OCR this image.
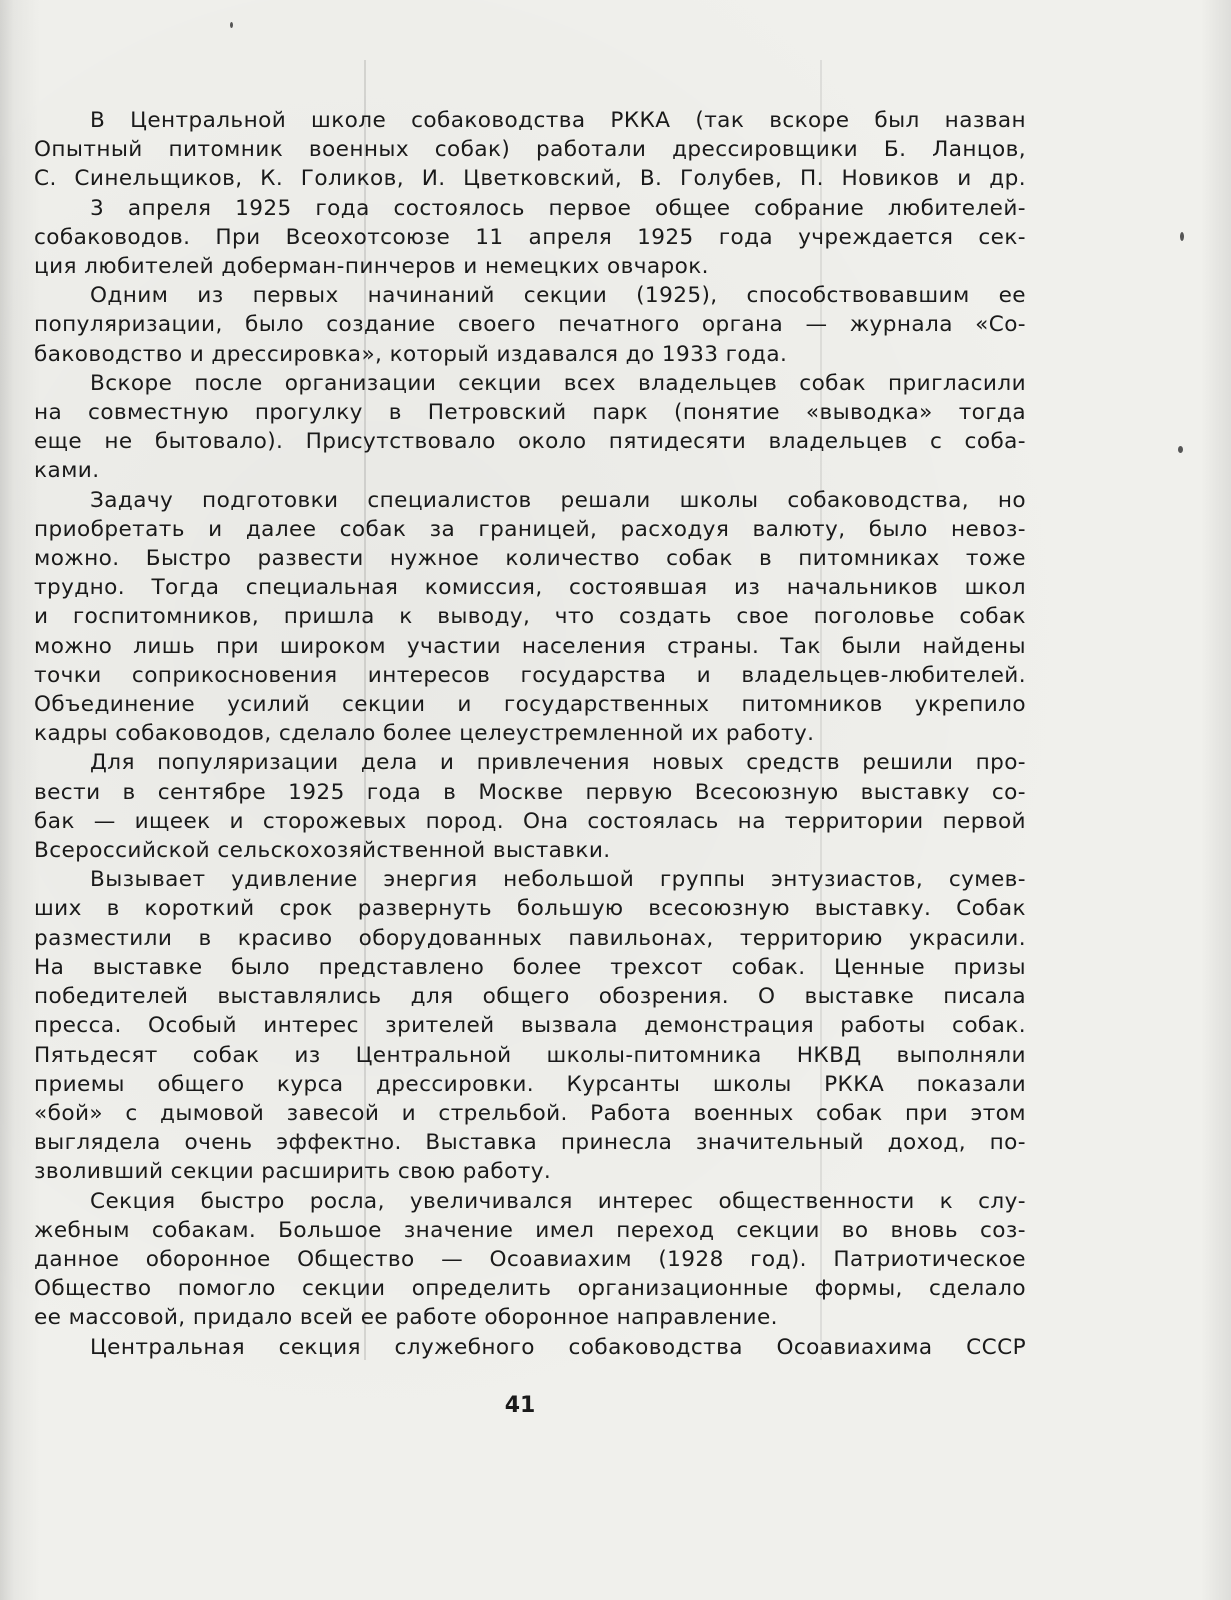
В Центральной школе собаководства РККА (так вскоре был назван
Опытный питомник военных собак) работали дрессировщики Б. Ланцов,
С. Синельщиков, К. Голиков, И. Цветковский, В. Голубев, П. Новиков и др.
3 апреля 1925 года состоялось первое общее собрание любителей-
собаководов. При Всеохотсоюзе 11 апреля 1925 года учреждается сек-
ция любителей доберман-пинчеров и немецких овчарок.
Одним из первых начинаний секции (1925), способствовавшим ее
популяризации, было создание своего печатного органа — журнала «Со-
баководство и дрессировка», который издавался до 1933 года.
Вскоре после организации секции всех владельцев собак пригласили
на совместную прогулку в Петровский парк (понятие «выводка» тогда
еще не бытовало). Присутствовало около пятидесяти владельцев с соба-
ками.
Задачу подготовки специалистов решали школы собаководства, но
приобретать и далее собак за границей, расходуя валюту, было невоз-
можно. Быстро развести нужное количество собак в питомниках тоже
трудно. Тогда специальная комиссия, состоявшая из начальников школ
и госпитомников, пришла к выводу, что создать свое поголовье собак
можно лишь при широком участии населения страны. Так были найдены
точки соприкосновения интересов государства и владельцев-любителей.
Объединение усилий секции и государственных питомников укрепило
кадры собаководов, сделало более целеустремленной их работу.
Для популяризации дела и привлечения новых средств решили про-
вести в сентябре 1925 года в Москве первую Всесоюзную выставку со-
бак — ищеек и сторожевых пород. Она состоялась на территории первой
Всероссийской сельскохозяйственной выставки.
Вызывает удивление энергия небольшой группы энтузиастов, сумев-
ших в короткий срок развернуть большую всесоюзную выставку. Собак
разместили в красиво оборудованных павильонах, территорию украсили.
На выставке было представлено более трехсот собак. Ценные призы
победителей выставлялись для общего обозрения. О выставке писала
пресса. Особый интерес зрителей вызвала демонстрация работы собак.
Пятьдесят собак из Центральной школы-питомника НКВД выполняли
приемы общего курса дрессировки. Курсанты школы РККА показали
«бой» с дымовой завесой и стрельбой. Работа военных собак при этом
выглядела очень эффектно. Выставка принесла значительный доход, по-
зволивший секции расширить свою работу.
Секция быстро росла, увеличивался интерес общественности к слу-
жебным собакам. Большое значение имел переход секции во вновь соз-
данное оборонное Общество — Осоавиахим (1928 год). Патриотическое
Общество помогло секции определить организационные формы, сделало
ее массовой, придало всей ее работе оборонное направление.
Центральная секция служебного собаководства Осоавиахима СССР
41
